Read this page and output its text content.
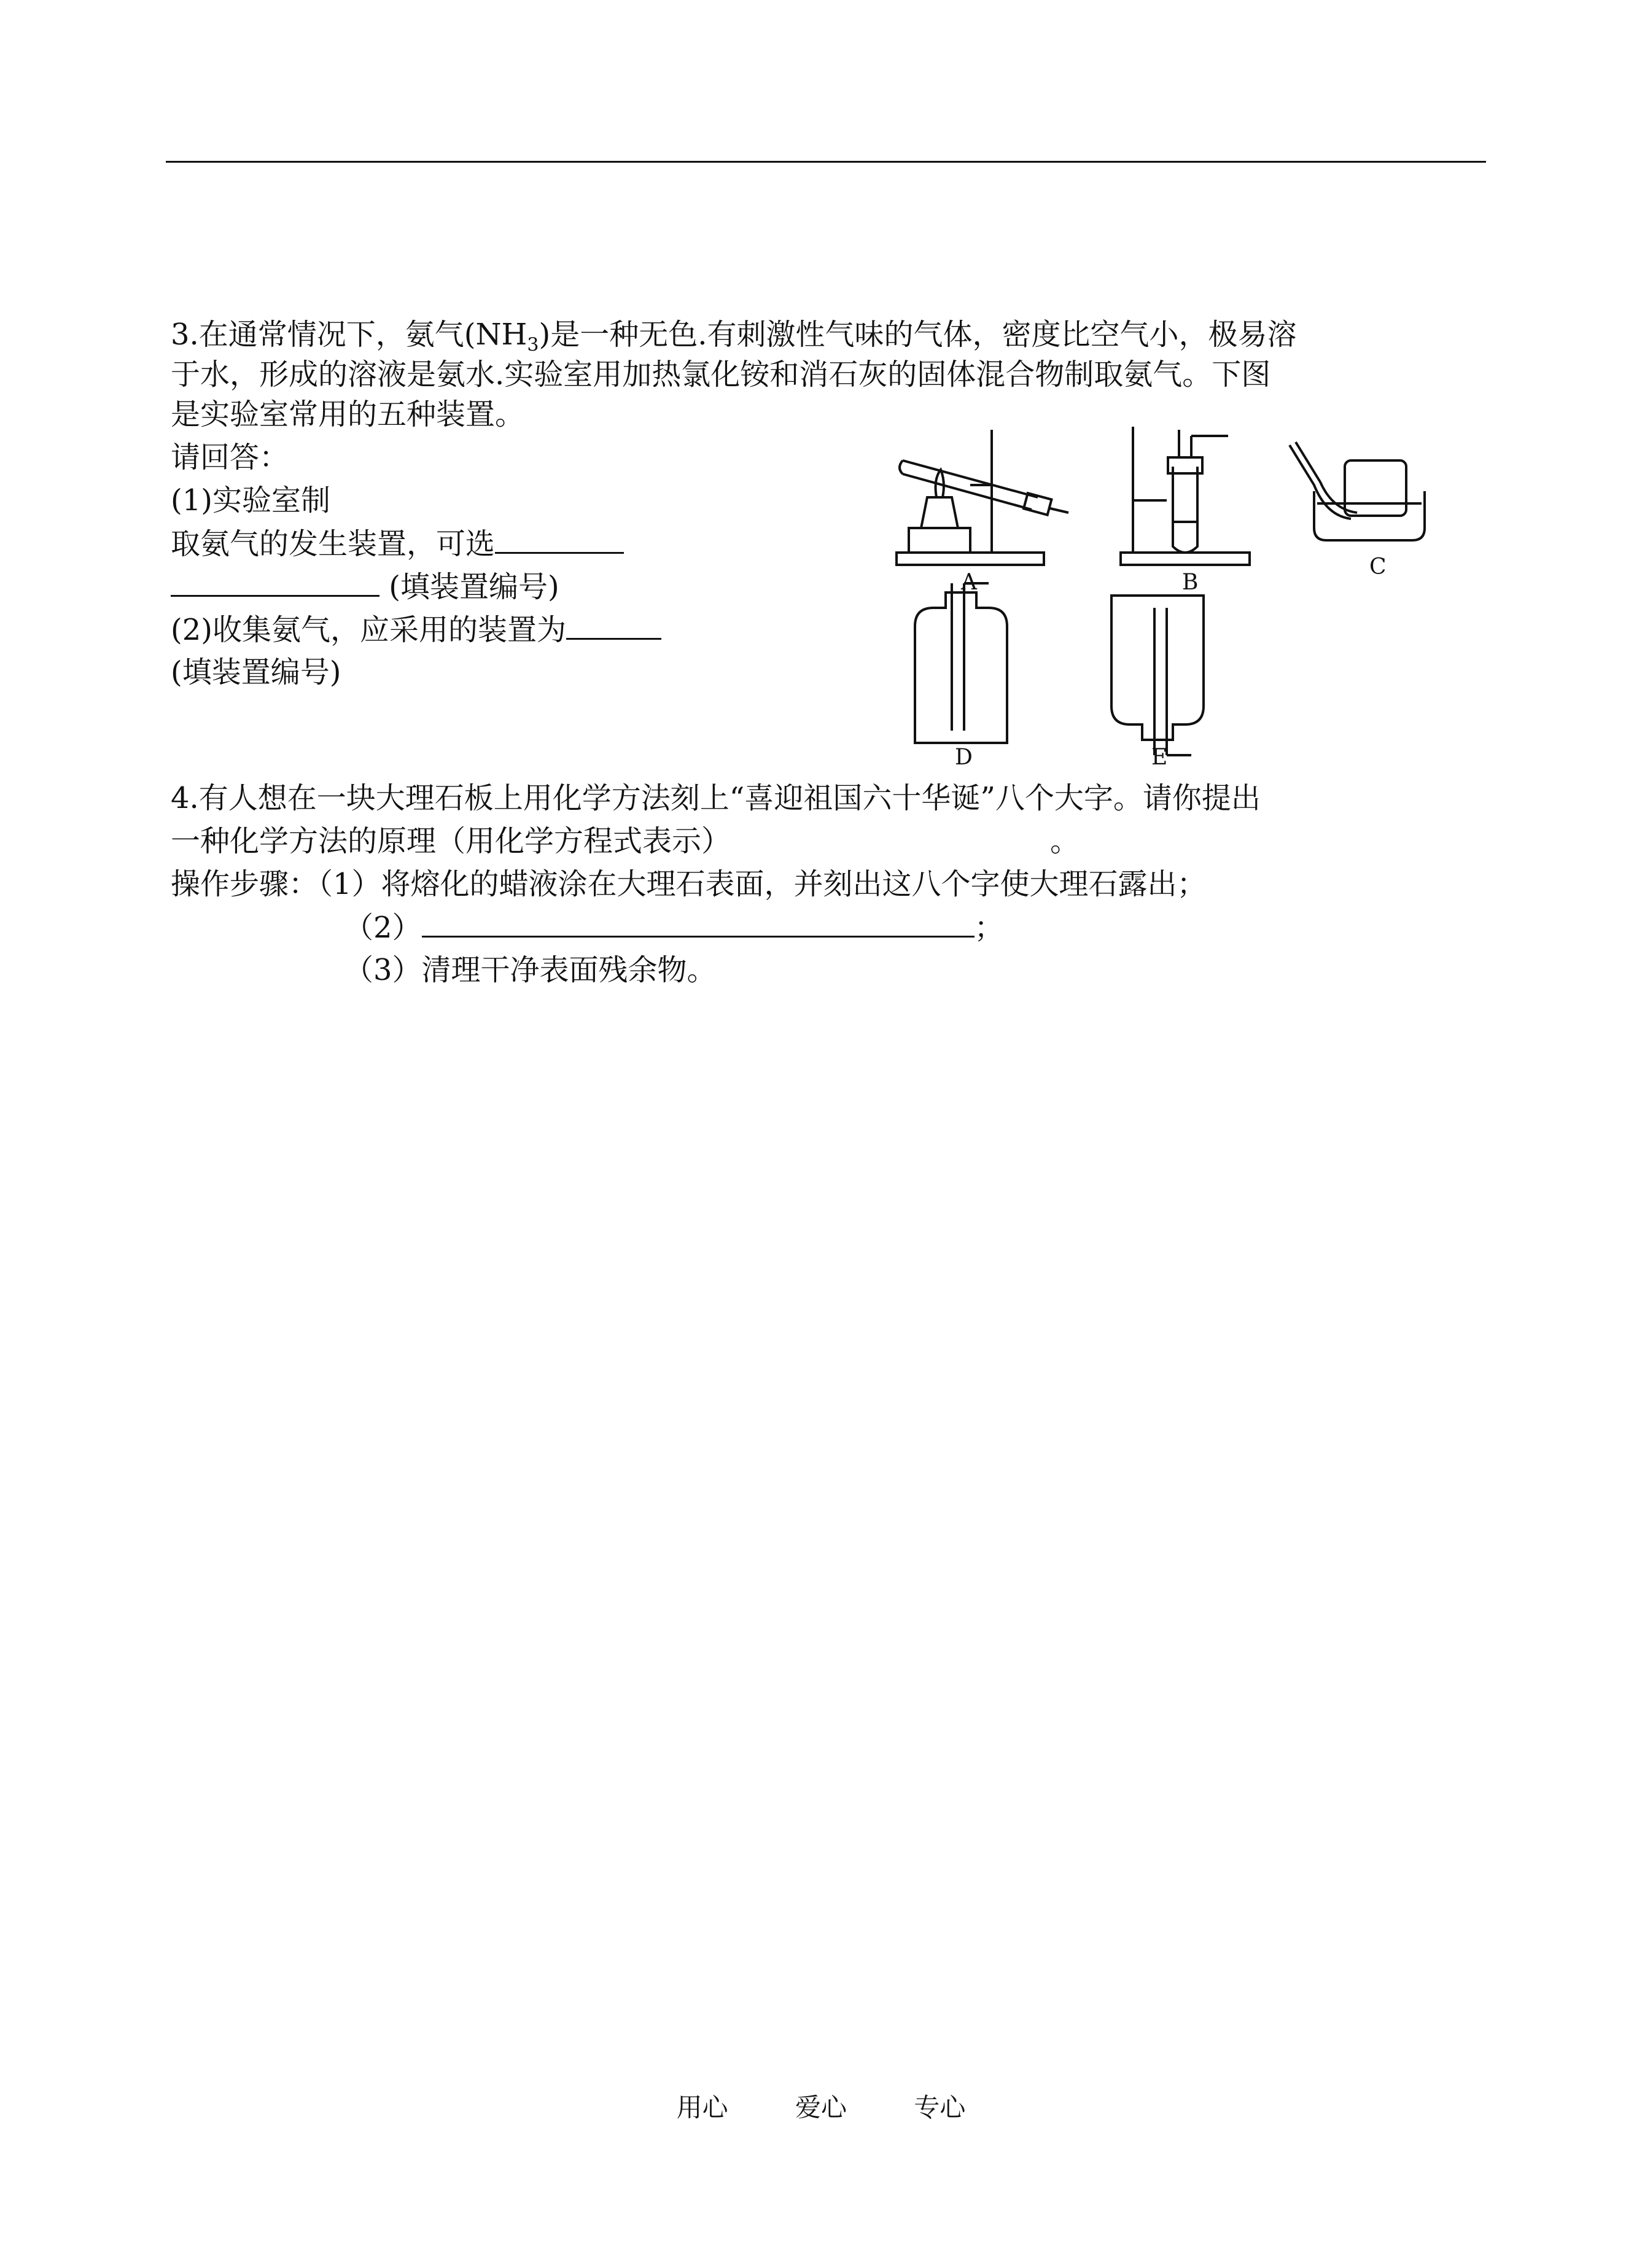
3.在通常情况下，氨气$(NH_3)$是一种无色.有刺激性气味的气体，密度比空气小，极易溶
于水，形成的溶液是氨水.实验室用加热氯化铵和消石灰的固体混合物制取氨气。下图
是实验室常用的五种装置。
请回答：
(1)实验室制
取氨气的发生装置，可选
(填装置编号)
(2)收集氨气，应采用的装置为
(填装置编号)
A	B
C
D	E
4.有人想在一块大理石板上用化学方法刻上“喜迎祖国六十华诞”八个大字。请你提出
一种化学方法的原理（用化学方程式表示）	。
操作步骤：（1）将熔化的蜡液涂在大理石表面，并刻出这八个字使大理石露出；
（2）	；
（3）清理干净表面残余物。
用心	爱心	专心
